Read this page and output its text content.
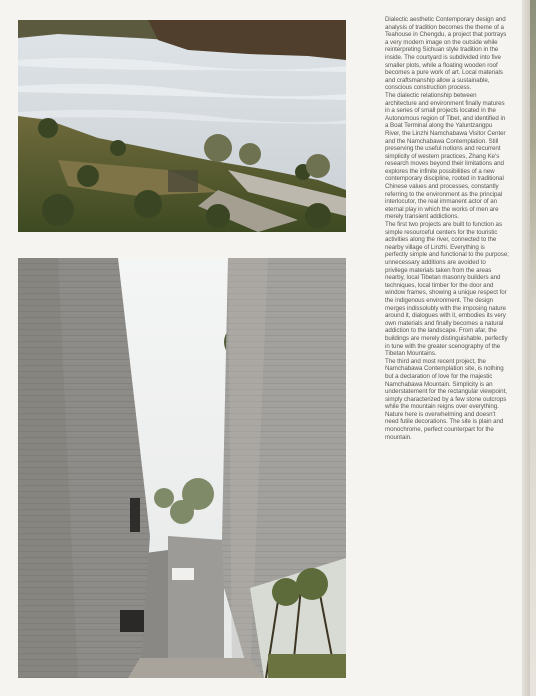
Dialectic aesthetic Contemporary design and analysis of tradition becomes the theme of a Teahouse in Chengdu, a project that portrays a very modern image on the outside while reinterpreting Sichuan style tradition in the inside. The courtyard is subdivided into five smaller plots, while a floating wooden roof becomes a pure work of art. Local materials and craftsmanship allow a sustainable, conscious construction process.

The dialectic relationship between architecture and environment finally matures in a series of small projects located in the Autonomous region of Tibet, and identified in a Boat Terminal along the Yaluntzangpu River, the Linzhi Namchabawa Visitor Center and the Namchabawa Contemplation. Still preserving the useful notions and recurrent simplicity of western practices, Zhang Ke's research moves beyond their limitations and explores the infinite possibilities of a new contemporary discipline, rooted in traditional Chinese values and processes, constantly referring to the environment as the principal interlocutor, the real immanent actor of an eternal play in which the works of men are merely transient addictions.

The first two projects are built to function as simple resourceful centers for the touristic activities along the river, connected to the nearby village of Linzhi. Everything is perfectly simple and functional to the purpose; unnecessary additions are avoided to privilege materials taken from the areas nearby, local Tibetan masonry builders and techniques, local timber for the door and window frames, showing a unique respect for the indigenous environment. The design merges indissolubly with the imposing nature around it, dialogues with it, embodies its very own materials and finally becomes a natural addiction to the landscape. From afar, the buildings are merely distinguishable, perfectly in tune with the greater scenography of the Tibetan Mountains.

The third and most recent project, the Namchabawa Contemplation site, is nothing but a declaration of love for the majestic Namchabawa Mountain. Simplicity is an understatement for the rectangular viewpoint, simply characterized by a few stone outcrops while the mountain reigns over everything. Nature here is overwhelming and doesn't need futile decorations. The site is plain and monochrome, perfect counterpart for the mountain.
